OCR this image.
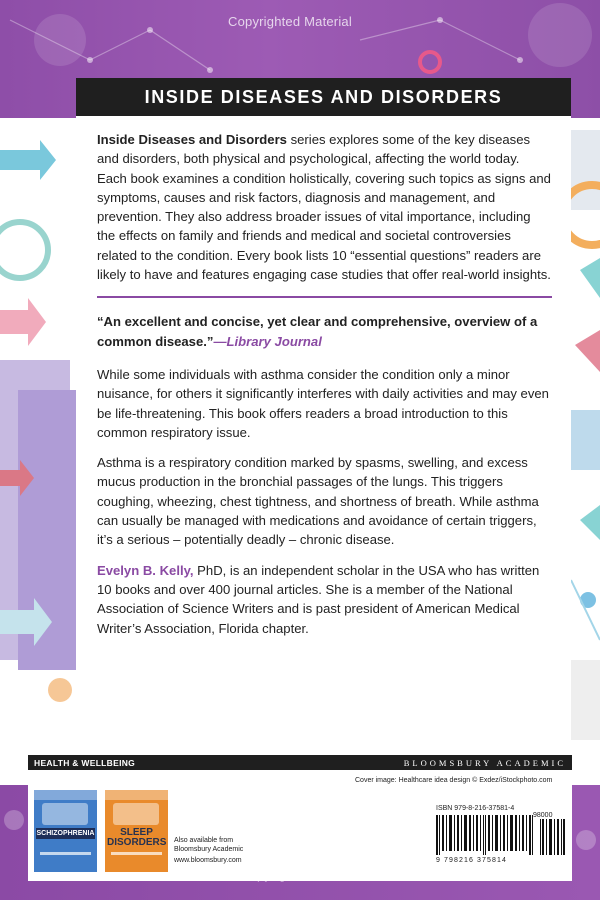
Copyrighted Material
INSIDE DISEASES AND DISORDERS

Inside Diseases and Disorders series explores some of the key diseases and disorders, both physical and psychological, affecting the world today. Each book examines a condition holistically, covering such topics as signs and symptoms, causes and risk factors, diagnosis and management, and prevention. They also address broader issues of vital importance, including the effects on family and friends and medical and societal controversies related to the condition. Every book lists 10 “essential questions” readers are likely to have and features engaging case studies that offer real-world insights.

“An excellent and concise, yet clear and comprehensive, overview of a common disease.”—Library Journal

While some individuals with asthma consider the condition only a minor nuisance, for others it significantly interferes with daily activities and may even be life-threatening. This book offers readers a broad introduction to this common respiratory issue.

Asthma is a respiratory condition marked by spasms, swelling, and excess mucus production in the bronchial passages of the lungs. This triggers coughing, wheezing, chest tightness, and shortness of breath. While asthma can usually be managed with medications and avoidance of certain triggers, it’s a serious – potentially deadly – chronic disease.

Evelyn B. Kelly, PhD, is an independent scholar in the USA who has written 10 books and over 400 journal articles. She is a member of the National Association of Science Writers and is past president of American Medical Writer’s Association, Florida chapter.

HEALTH & WELLBEING	BLOOMSBURY ACADEMIC
Cover image: Healthcare idea design © Exdez/iStockphoto.com
SCHIZOPHRENIA	SLEEP DISORDERS Also available from
Bloomsbury Academic
www.bloomsbury.com
ISBN 979-8-216-37581-4
9 798216 375814
98000
Copyrighted Material
